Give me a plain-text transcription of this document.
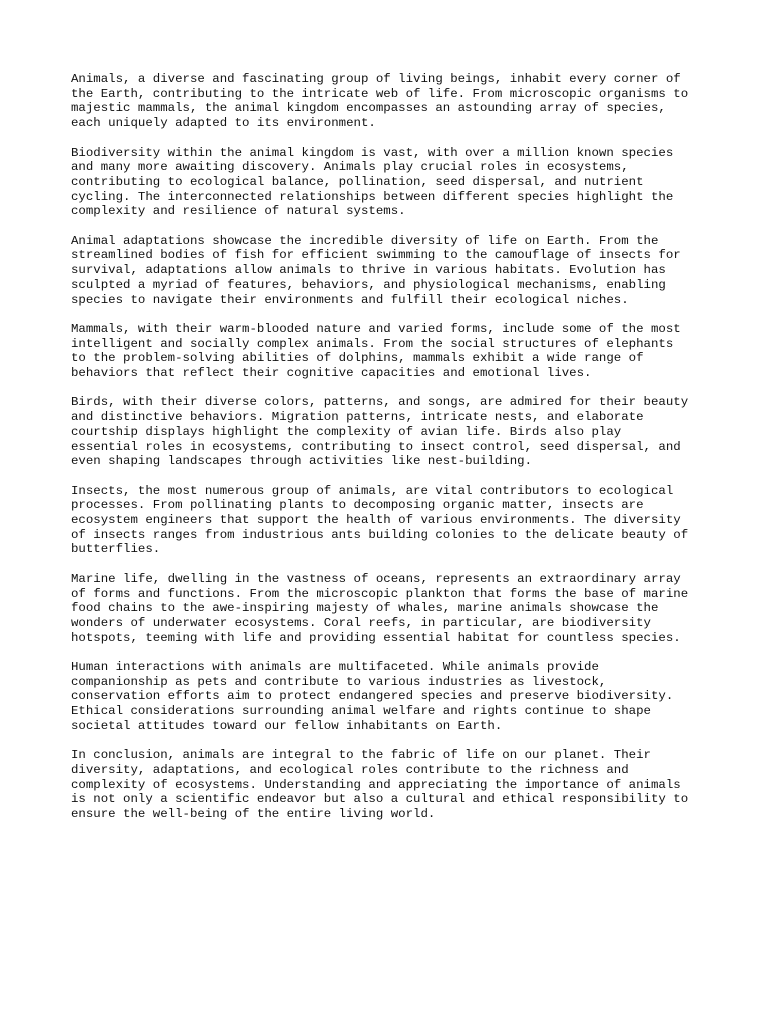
Animals, a diverse and fascinating group of living beings, inhabit every corner of
the Earth, contributing to the intricate web of life. From microscopic organisms to
majestic mammals, the animal kingdom encompasses an astounding array of species,
each uniquely adapted to its environment.

Biodiversity within the animal kingdom is vast, with over a million known species
and many more awaiting discovery. Animals play crucial roles in ecosystems,
contributing to ecological balance, pollination, seed dispersal, and nutrient
cycling. The interconnected relationships between different species highlight the
complexity and resilience of natural systems.

Animal adaptations showcase the incredible diversity of life on Earth. From the
streamlined bodies of fish for efficient swimming to the camouflage of insects for
survival, adaptations allow animals to thrive in various habitats. Evolution has
sculpted a myriad of features, behaviors, and physiological mechanisms, enabling
species to navigate their environments and fulfill their ecological niches.

Mammals, with their warm-blooded nature and varied forms, include some of the most
intelligent and socially complex animals. From the social structures of elephants
to the problem-solving abilities of dolphins, mammals exhibit a wide range of
behaviors that reflect their cognitive capacities and emotional lives.

Birds, with their diverse colors, patterns, and songs, are admired for their beauty
and distinctive behaviors. Migration patterns, intricate nests, and elaborate
courtship displays highlight the complexity of avian life. Birds also play
essential roles in ecosystems, contributing to insect control, seed dispersal, and
even shaping landscapes through activities like nest-building.

Insects, the most numerous group of animals, are vital contributors to ecological
processes. From pollinating plants to decomposing organic matter, insects are
ecosystem engineers that support the health of various environments. The diversity
of insects ranges from industrious ants building colonies to the delicate beauty of
butterflies.

Marine life, dwelling in the vastness of oceans, represents an extraordinary array
of forms and functions. From the microscopic plankton that forms the base of marine
food chains to the awe-inspiring majesty of whales, marine animals showcase the
wonders of underwater ecosystems. Coral reefs, in particular, are biodiversity
hotspots, teeming with life and providing essential habitat for countless species.

Human interactions with animals are multifaceted. While animals provide
companionship as pets and contribute to various industries as livestock,
conservation efforts aim to protect endangered species and preserve biodiversity.
Ethical considerations surrounding animal welfare and rights continue to shape
societal attitudes toward our fellow inhabitants on Earth.

In conclusion, animals are integral to the fabric of life on our planet. Their
diversity, adaptations, and ecological roles contribute to the richness and
complexity of ecosystems. Understanding and appreciating the importance of animals
is not only a scientific endeavor but also a cultural and ethical responsibility to
ensure the well-being of the entire living world.
